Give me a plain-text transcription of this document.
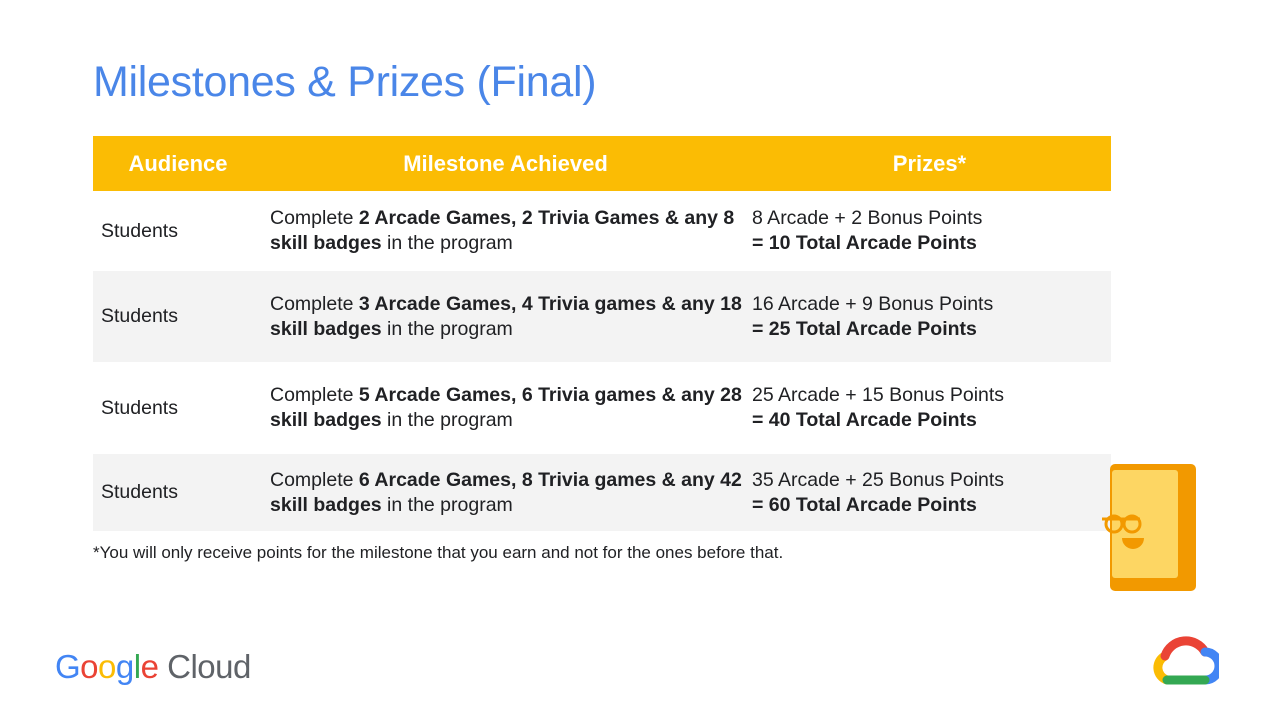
Milestones & Prizes (Final)
Audience	Milestone Achieved	Prizes*
Students	Complete 2 Arcade Games, 2 Trivia Games & any 8 skill badges in the program	8 Arcade + 2 Bonus Points
= 10 Total Arcade Points

Students	Complete 3 Arcade Games, 4 Trivia games & any 18 skill badges in the program	16 Arcade + 9 Bonus Points
= 25 Total Arcade Points

Students	Complete 5 Arcade Games, 6 Trivia games & any 28 skill badges in the program	25 Arcade + 15 Bonus Points
= 40 Total Arcade Points

Students	Complete 6 Arcade Games, 8 Trivia games & any 42 skill badges in the program	35 Arcade + 25 Bonus Points
= 60 Total Arcade Points
*You will only receive points for the milestone that you earn and not for the ones before that.
Google Cloud
